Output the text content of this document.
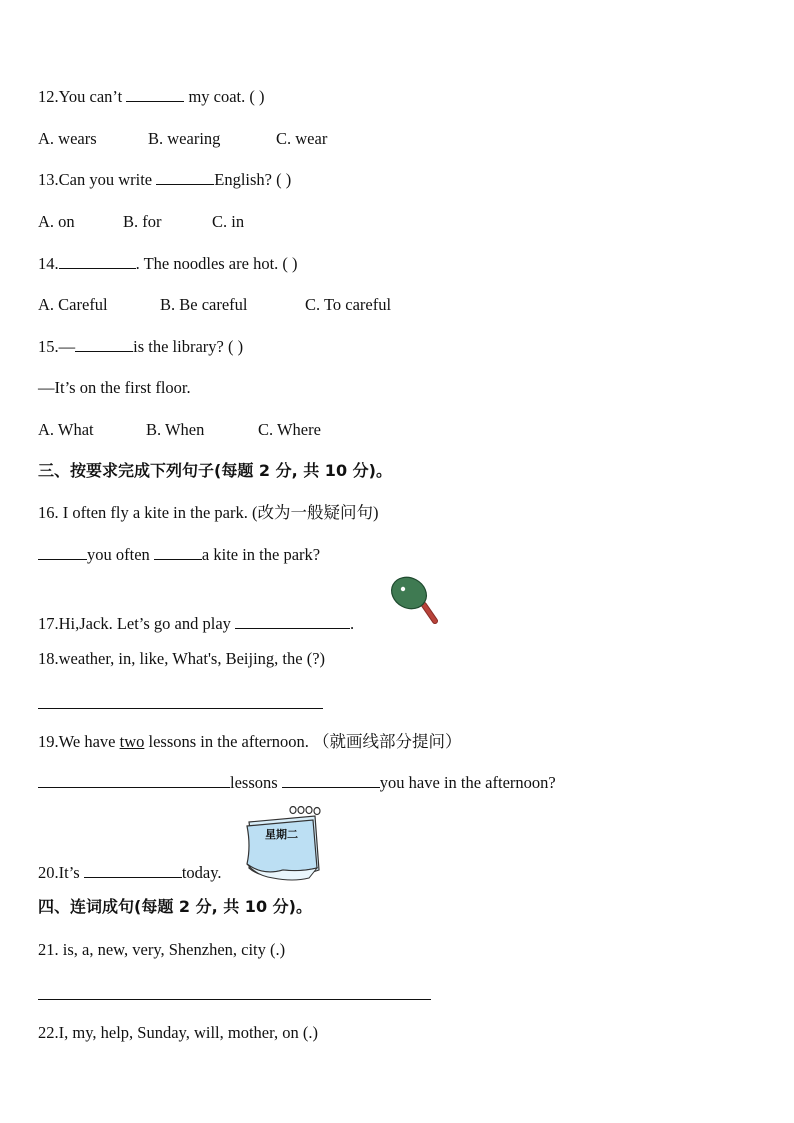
12.You can’t	my coat. ( )
A. wears	B. wearing	C. wear
13.Can you write	English? ( )
A. on	B. for	C. in
14.	. The noodles are hot. ( )
A. Careful	B. Be careful	C. To careful
15.—	is the library? ( )
—It’s on the first floor.
A. What	B. When	C. Where
三、按要求完成下列句子(每题 2 分, 共 10 分)。
16. I often fly a kite in the park. (改为一般疑问句)
you often	a kite in the park?
17.Hi,Jack. Let’s go and play	.
18.weather, in, like, What's, Beijing, the (?)
19.We have two lessons in the afternoon. （就画线部分提问）
lessons	you have in the afternoon?
20.It’s	today.
星期二
四、连词成句(每题 2 分, 共 10 分)。
21. is, a, new, very, Shenzhen, city (.)
22.I, my, help, Sunday, will, mother, on (.)
